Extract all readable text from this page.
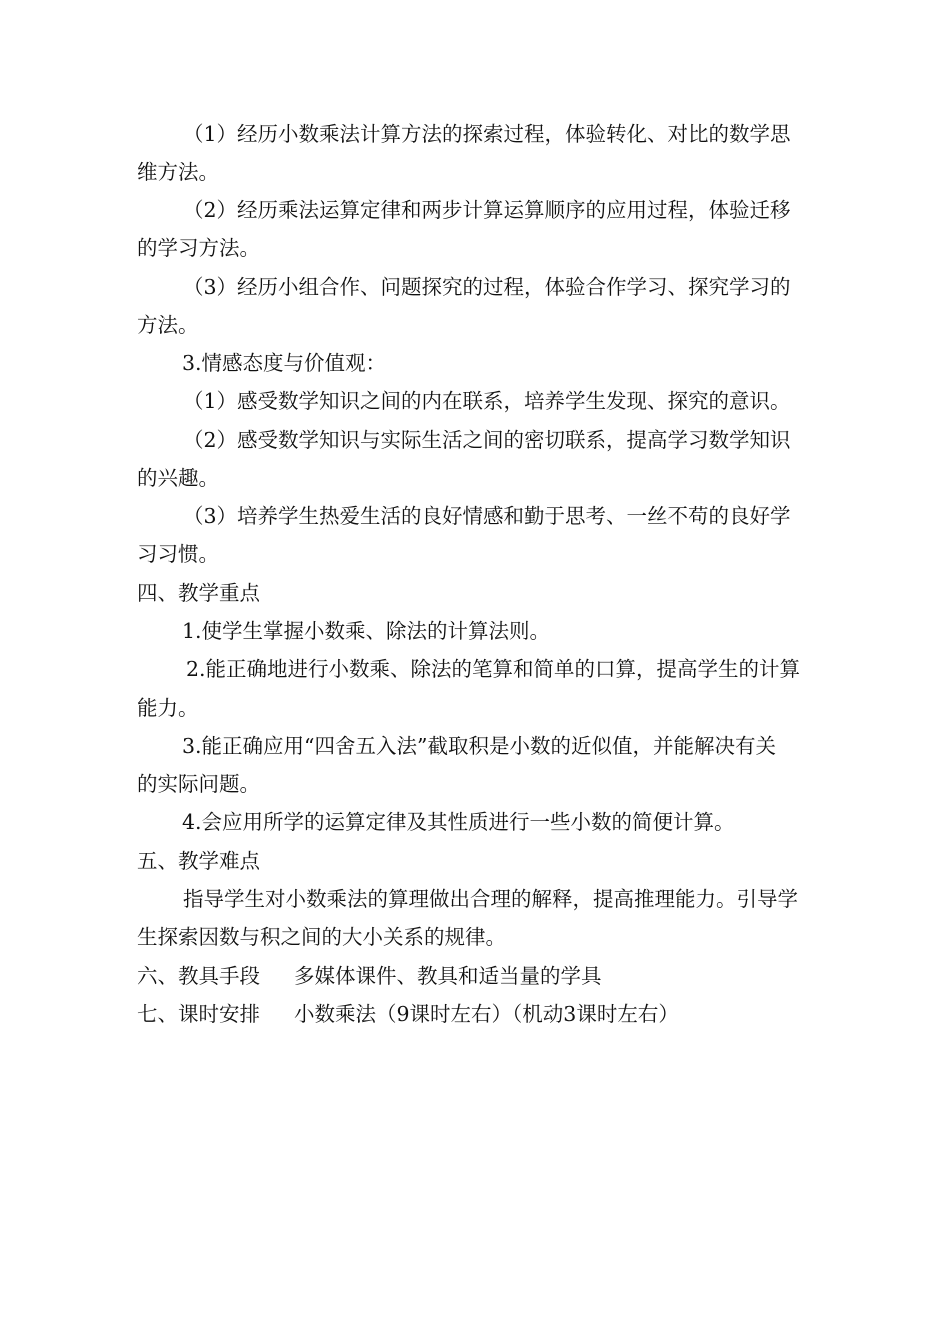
（1）经历小数乘法计算方法的探索过程，体验转化、对比的数学思
维方法。
（2）经历乘法运算定律和两步计算运算顺序的应用过程，体验迁移
的学习方法。
（3）经历小组合作、问题探究的过程，体验合作学习、探究学习的
方法。
3.情感态度与价值观：
（1）感受数学知识之间的内在联系，培养学生发现、探究的意识。
（2）感受数学知识与实际生活之间的密切联系，提高学习数学知识
的兴趣。
（3）培养学生热爱生活的良好情感和勤于思考、一丝不苟的良好学
习习惯。
四、教学重点
1.使学生掌握小数乘、除法的计算法则。
2.能正确地进行小数乘、除法的笔算和简单的口算，提高学生的计算
能力。
3.能正确应用“四舍五入法”截取积是小数的近似值，并能解决有关
的实际问题。
4.会应用所学的运算定律及其性质进行一些小数的简便计算。
五、教学难点
指导学生对小数乘法的算理做出合理的解释，提高推理能力。引导学
生探索因数与积之间的大小关系的规律。
六、教具手段 多媒体课件、教具和适当量的学具
七、课时安排 小数乘法（9课时左右）（机动3课时左右）
